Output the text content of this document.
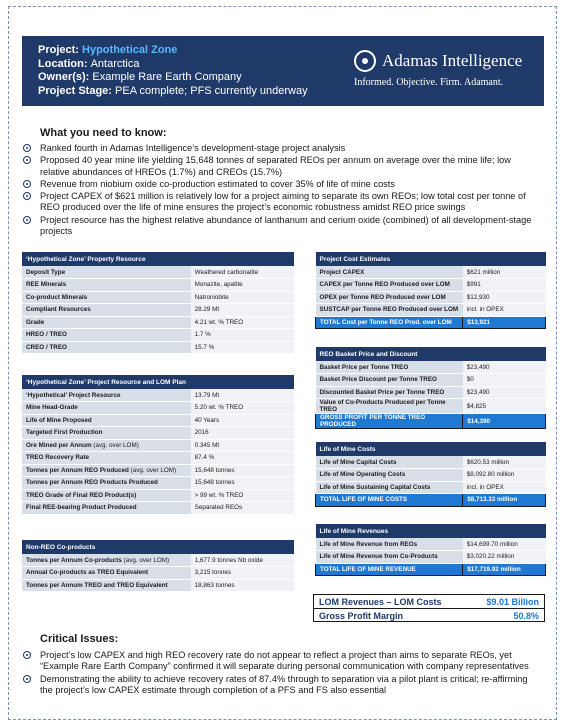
Project: Hypothetical Zone
Location: Antarctica
Owner(s): Example Rare Earth Company
Project Stage: PEA complete; PFS currently underway
Adamas Intelligence
Informed. Objective. Firm. Adamant.
What you need to know:
Ranked fourth in Adamas Intelligence’s development-stage project analysis
Proposed 40 year mine life yielding 15,648 tonnes of separated REOs per annum on average over the mine life; low relative abundances of HREOs (1.7%) and CREOs (15.7%)
Revenue from niobium oxide co-production estimated to cover 35% of life of mine costs
Project CAPEX of $621 million is relatively low for a project aiming to separate its own REOs; low total cost per tonne of REO produced over the life of mine ensures the project’s economic robustness amidst REO price swings
Project resource has the highest relative abundance of lanthanum and cerium oxide (combined) of all development-stage projects
‘Hypothetical Zone’ Property Resource	
Deposit Type	Weathered carbonatite
REE Minerals	Monazite, apatite
Co-product Minerals	Natroniobite
Compliant Resources	28.29 Mt
Grade	4.21 wt. % TREO
HREO / TREO	1.7 %
CREO / TREO	15.7 %
‘Hypothetical Zone’ Project Resource and LOM Plan	
‘Hypothetical’ Project Resource	13.79 Mt
Mine Head-Grade	5.20 wt. % TREO
Life of Mine Proposed	40 Years
Targeted First Production	2016
Ore Mined per Annum (avg. over LOM)	0.345 Mt
TREO Recovery Rate	87.4 %
Tonnes per Annum REO Produced (avg. over LOM)	15,648 tonnes
Tonnes per Annum REO Products Produced	15,648 tonnes
TREO Grade of Final REO Product(s)	> 99 wt. % TREO
Final REE-bearing Product Produced	Separated REOs
Non-REO Co-products	
Tonnes per Annum Co-products (avg. over LOM)	1,677.9 tonnes Nb oxide
Annual Co-products as TREO Equivalent	3,215 tonnes
Tonnes per Annum TREO and TREO Equivalent	18,863 tonnes
Project Cost Estimates	
Project CAPEX	$621 million
CAPEX per Tonne REO Produced over LOM	$991
OPEX per Tonne REO Produced over LOM	$12,930
SUSTCAP per Tonne REO Produced over LOM	incl. in OPEX
TOTAL Cost per Tonne REO Prod. over LOM	$13,921
REO Basket Price and Discount	
Basket Price per Tonne TREO	$23,490
Basket Price Discount per Tonne TREO	$0
Discounted Basket Price per Tonne TREO	$23,490
Value of Co-Products Produced per Tonne TREO	$4,825
GROSS PROFIT PER TONNE TREO PRODUCED	$14,390
Life of Mine Costs	
Life of Mine Capital Costs	$620.53 million
Life of Mine Operating Costs	$8,092.80 million
Life of Mine Sustaining Capital Costs	incl. in OPEX
TOTAL LIFE OF MINE COSTS	$8,713.33 million
Life of Mine Revenues	
Life of Mine Revenue from REOs	$14,699.70 million
Life of Mine Revenue from Co-Products	$3,020.22 million
TOTAL LIFE OF MINE REVENUE	$17,719.92 million
LOM Revenues – LOM Costs	$9.01 Billion
Gross Profit Margin	50.8%
Critical Issues:
Project’s low CAPEX and high REO recovery rate do not appear to reflect a project than aims to separate REOs, yet “Example Rare Earth Company” confirmed it will separate during personal communication with company representatives
Demonstrating the ability to achieve recovery rates of 87.4% through to separation via a pilot plant is critical; re-affirming the project’s low CAPEX estimate through completion of a PFS and FS also essential
